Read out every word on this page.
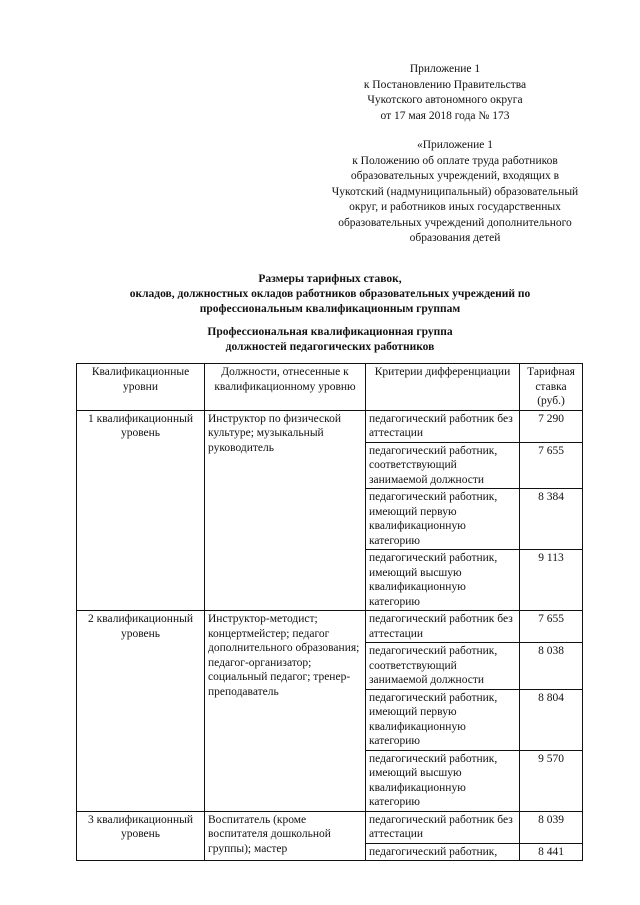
Приложение 1
к Постановлению Правительства
Чукотского автономного округа
от 17 мая 2018 года № 173
«Приложение 1
к Положению об оплате труда работников образовательных учреждений, входящих в Чукотский (надмуниципальный) образовательный округ, и работников иных государственных образовательных учреждений дополнительного образования детей
Размеры тарифных ставок,
окладов, должностных окладов работников образовательных учреждений по
профессиональным квалификационным группам
Профессиональная квалификационная группа
должностей педагогических работников
Квалификационные уровни	Должности, отнесенные к квалификационному уровню	Критерии дифференциации	Тарифная ставка (руб.)
1 квалификационный уровень	Инструктор по физической культуре; музыкальный руководитель	педагогический работник без аттестации	7 290
		педагогический работник, соответствующий занимаемой должности	7 655
		педагогический работник, имеющий первую квалификационную категорию	8 384
		педагогический работник, имеющий высшую квалификационную категорию	9 113
2 квалификационный уровень	Инструктор-методист; концертмейстер; педагог дополнительного образования; педагог-организатор; социальный педагог; тренер-преподаватель	педагогический работник без аттестации	7 655
		педагогический работник, соответствующий занимаемой должности	8 038
		педагогический работник, имеющий первую квалификационную категорию	8 804
		педагогический работник, имеющий высшую квалификационную категорию	9 570
3 квалификационный уровень	Воспитатель (кроме воспитателя дошкольной группы); мастер	педагогический работник без аттестации	8 039
		педагогический работник,	8 441
